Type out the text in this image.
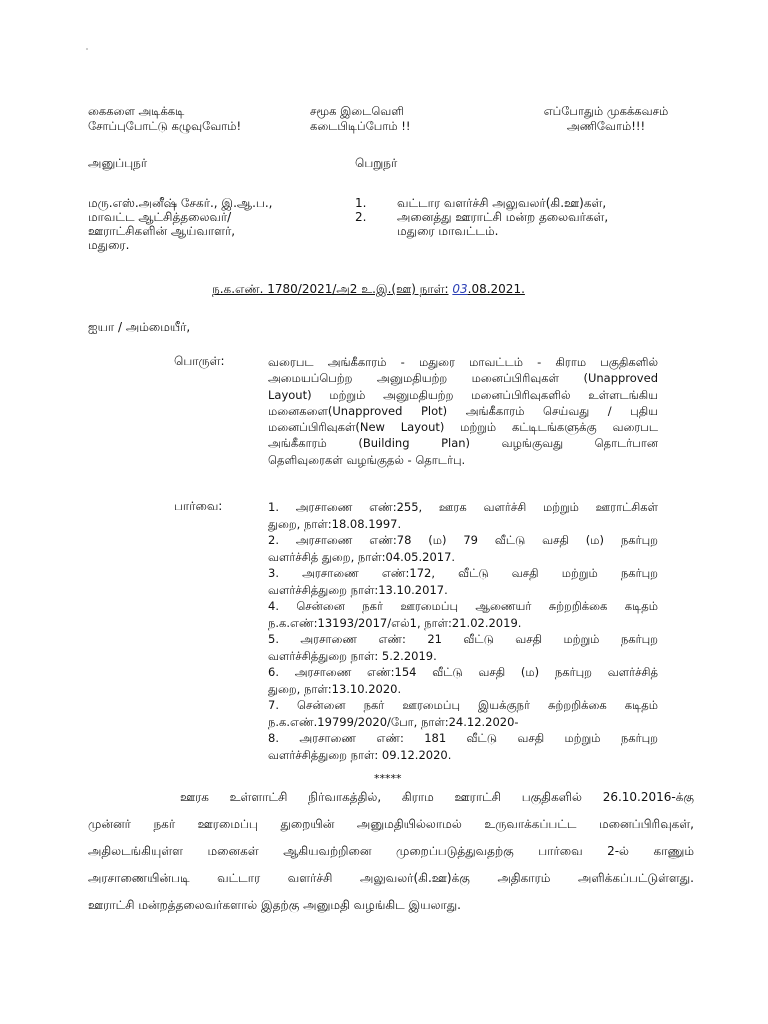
கைகளை அடிக்கடி
சோப்புபோட்டு கழுவுவோம்!
சமூக இடைவெளி
கடைபிடிப்போம் !!
எப்போதும் முகக்கவசம்
அணிவோம்!!!
அனுப்புநர்	பெறுநர்
மரு.எஸ்.அனீஷ் சேகர்., இ.ஆ.ப.,
மாவட்ட ஆட்சித்தலைவர்/
ஊராட்சிகளின் ஆய்வாளர்,
மதுரை.
1.	வட்டார வளர்ச்சி அலுவலர்(கி.ஊ)கள்,
2.	அனைத்து ஊராட்சி மன்ற தலைவர்கள்,
மதுரை மாவட்டம்.
ந.க.எண். 1780/2021/அ2 உ.இ.(ஊ) நாள்: 03.08.2021.
ஐயா / அம்மையீர்,
பொருள்:	வரைபட அங்கீகாரம் - மதுரை மாவட்டம் - கிராம பகுதிகளில்

அமையப்பெற்ற அனுமதியற்ற மனைப்பிரிவுகள் (Unapproved

Layout) மற்றும் அனுமதியற்ற மனைப்பிரிவுகளில் உள்ளடங்கிய

மனைகளை(Unapproved Plot) அங்கீகாரம் செய்வது / புதிய

மனைப்பிரிவுகள்(New Layout) மற்றும் கட்டிடங்களுக்கு வரைபட

அங்கீகாரம் (Building Plan) வழங்குவது தொடர்பான

தெளிவுரைகள் வழங்குதல் - தொடர்பு.

பார்வை:	1. அரசாணை எண்:255, ஊரக வளர்ச்சி மற்றும் ஊராட்சிகள்

துறை, நாள்:18.08.1997.

2. அரசாணை எண்:78 (ம) 79 வீட்டு வசதி (ம) நகர்புற

வளர்ச்சித் துறை, நாள்:04.05.2017.

3. அரசாணை எண்:172, வீட்டு வசதி மற்றும் நகர்புற

வளர்ச்சித்துறை நாள்:13.10.2017.

4. சென்னை நகர் ஊரமைப்பு ஆணையர் சுற்றறிக்கை கடிதம்

ந.க.எண்:13193/2017/எல்1, நாள்:21.02.2019.

5. அரசாணை எண்: 21 வீட்டு வசதி மற்றும் நகர்புற

வளர்ச்சித்துறை நாள்: 5.2.2019.

6. அரசாணை எண்:154 வீட்டு வசதி (ம) நகர்புற வளர்ச்சித்

துறை, நாள்:13.10.2020.

7. சென்னை நகர் ஊரமைப்பு இயக்குநர் சுற்றறிக்கை கடிதம்

ந.க.எண்.19799/2020/போ, நாள்:24.12.2020-

8. அரசாணை எண்: 181 வீட்டு வசதி மற்றும் நகர்புற

வளர்ச்சித்துறை நாள்: 09.12.2020.

*****
ஊரக உள்ளாட்சி நிர்வாகத்தில், கிராம ஊராட்சி பகுதிகளில் 26.10.2016-க்கு
முன்னர் நகர் ஊரமைப்பு துறையின் அனுமதியில்லாமல் உருவாக்கப்பட்ட மனைப்பிரிவுகள்,
அதிலடங்கியுள்ள மனைகள் ஆகியவற்றினை முறைப்படுத்துவதற்கு பார்வை 2-ல் காணும்
அரசாணையின்படி வட்டார வளர்ச்சி அலுவலர்(கி.ஊ)க்கு அதிகாரம் அளிக்கப்பட்டுள்ளது.
ஊராட்சி மன்றத்தலைவர்களால் இதற்கு அனுமதி வழங்கிட இயலாது.
